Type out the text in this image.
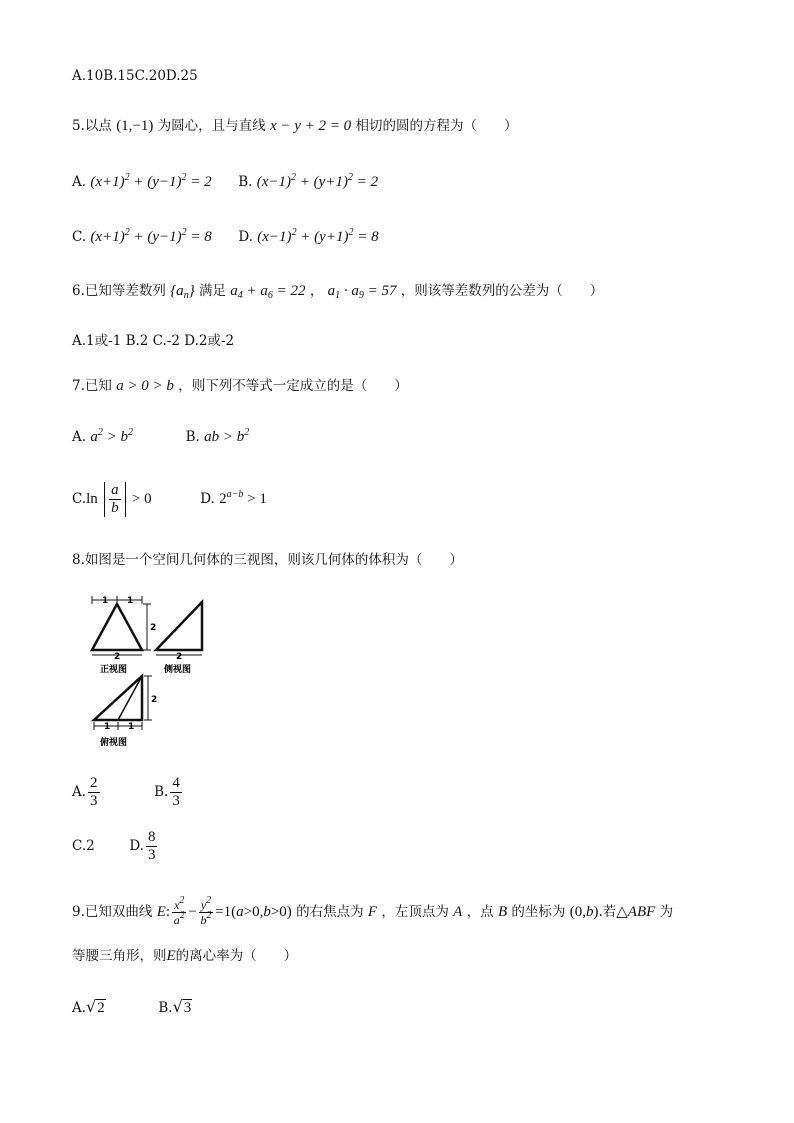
A.10B.15C.20D.25
5.以点 (1,−1) 为圆心，且与直线 x − y + 2 = 0 相切的圆的方程为（　　）
A. $(x+1)^2 + (y-1)^2 = 2$ B. $(x-1)^2 + (y+1)^2 = 2$
C. $(x+1)^2 + (y-1)^2 = 8$ D. $(x-1)^2 + (y+1)^2 = 8$
6.已知等差数列 $\{a_n\}$ 满足 $a_4 + a_6 = 22$ ， $a_1 \cdot a_9 = 57$ ，则该等差数列的公差为（　　）
A.1或-1 B.2 C.-2 D.2或-2
7.已知 a > 0 > b ，则下列不等式一定成立的是（　　）
A. $a^2 > b^2$	B. ab > $b^2$
$C.\ln \frac{a}{b} > 0$	D. $2^{a-b} > 1$
8.如图是一个空间几何体的三视图，则该几何体的体积为（　　）
1 1
2
2
正视图
2
侧视图
2
1 1
俯视图
A. $\frac{2}{3}$	B. $\frac{4}{3}$
C.2	D. $\frac{8}{3}$
9.已知双曲线 E: $\frac{x^2}{a^2} - \frac{y^2}{b^2} =1(a>0,b>0)$ 的右焦点为 F ，左顶点为 A ，点 B 的坐标为 (0,b).若△ABF 为
等腰三角形，则E的离心率为（　　）
A.√2	B.√3
